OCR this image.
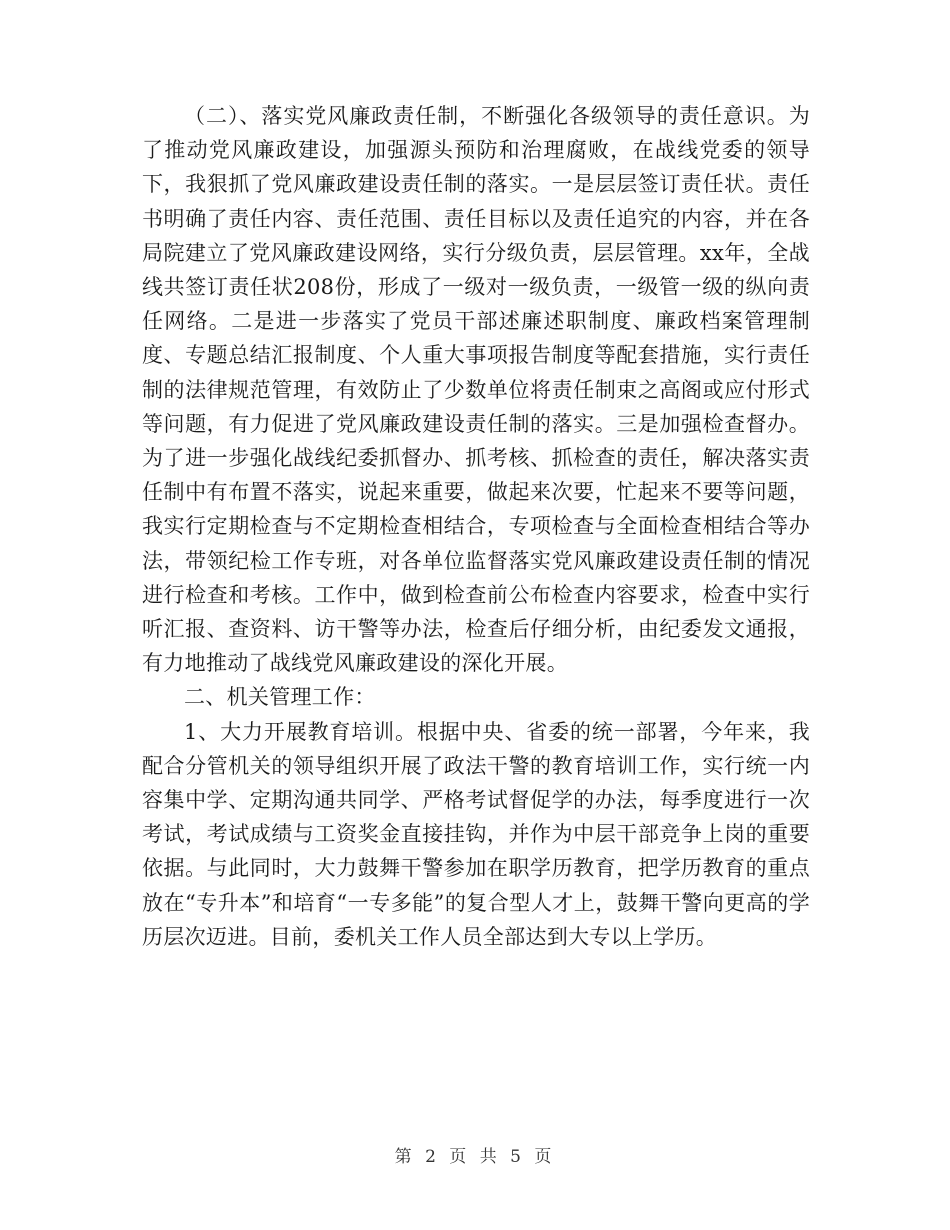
（二）、落实党风廉政责任制，不断强化各级领导的责任意识。为了推动党风廉政建设，加强源头预防和治理腐败，在战线党委的领导下，我狠抓了党风廉政建设责任制的落实。一是层层签订责任状。责任书明确了责任内容、责任范围、责任目标以及责任追究的内容，并在各局院建立了党风廉政建设网络，实行分级负责，层层管理。xx年，全战线共签订责任状208份，形成了一级对一级负责，一级管一级的纵向责任网络。二是进一步落实了党员干部述廉述职制度、廉政档案管理制度、专题总结汇报制度、个人重大事项报告制度等配套措施，实行责任制的法律规范管理，有效防止了少数单位将责任制束之高阁或应付形式等问题，有力促进了党风廉政建设责任制的落实。三是加强检查督办。为了进一步强化战线纪委抓督办、抓考核、抓检查的责任，解决落实责任制中有布置不落实，说起来重要，做起来次要，忙起来不要等问题，我实行定期检查与不定期检查相结合，专项检查与全面检查相结合等办法，带领纪检工作专班，对各单位监督落实党风廉政建设责任制的情况进行检查和考核。工作中，做到检查前公布检查内容要求，检查中实行听汇报、查资料、访干警等办法，检查后仔细分析，由纪委发文通报，有力地推动了战线党风廉政建设的深化开展。

二、机关管理工作：

1、大力开展教育培训。根据中央、省委的统一部署，今年来，我配合分管机关的领导组织开展了政法干警的教育培训工作，实行统一内容集中学、定期沟通共同学、严格考试督促学的办法，每季度进行一次考试，考试成绩与工资奖金直接挂钩，并作为中层干部竞争上岗的重要依据。与此同时，大力鼓舞干警参加在职学历教育，把学历教育的重点放在“专升本”和培育“一专多能”的复合型人才上，鼓舞干警向更高的学历层次迈进。目前，委机关工作人员全部达到大专以上学历。

第 2 页 共 5 页
